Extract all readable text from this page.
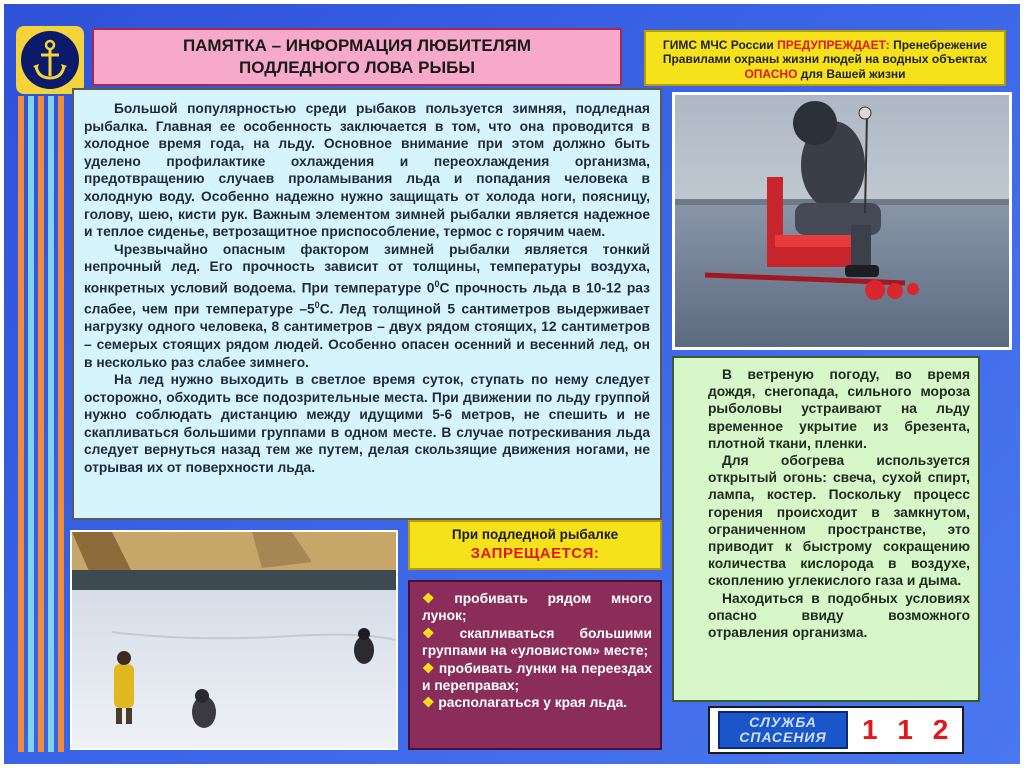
ПАМЯТКА – ИНФОРМАЦИЯ ЛЮБИТЕЛЯМ
ПОДЛЕДНОГО ЛОВА РЫБЫ
ГИМС МЧС России ПРЕДУПРЕЖДАЕТ: Пренебрежение Правилами охраны жизни людей на водных объектах ОПАСНО для Вашей жизни

Большой популярностью среди рыбаков пользуется зимняя, подледная рыбалка. Главная ее особенность заключается в том, что она проводится в холодное время года, на льду. Основное внимание при этом должно быть уделено профилактике охлаждения и переохлаждения организма, предотвращению случаев проламывания льда и попадания человека в холодную воду. Особенно надежно нужно защищать от холода ноги, поясницу, голову, шею, кисти рук. Важным элементом зимней рыбалки является надежное и теплое сиденье, ветрозащитное приспособление, термос с горячим чаем.

Чрезвычайно опасным фактором зимней рыбалки является тонкий непрочный лед. Его прочность зависит от толщины, температуры воздуха, конкретных условий водоема. При температуре $0^0С$ прочность льда в 10-12 раз слабее, чем при температуре $-5^0С$. Лед толщиной 5 сантиметров выдерживает нагрузку одного человека, 8 сантиметров – двух рядом стоящих, 12 сантиметров – семерых стоящих рядом людей. Особенно опасен осенний и весенний лед, он в несколько раз слабее зимнего.

На лед нужно выходить в светлое время суток, ступать по нему следует осторожно, обходить все подозрительные места. При движении по льду группой нужно соблюдать дистанцию между идущими 5-6 метров, не спешить и не скапливаться большими группами в одном месте. В случае потрескивания льда следует вернуться назад тем же путем, делая скользящие движения ногами, не отрывая их от поверхности льда.

В ветреную погоду, во время дождя, снегопада, сильного мороза рыболовы устраивают на льду временное укрытие из брезента, плотной ткани, пленки.

Для обогрева используется открытый огонь: свеча, сухой спирт, лампа, костер. Поскольку процесс горения происходит в замкнутом, ограниченном пространстве, это приводит к быстрому сокращению количества кислорода в воздухе, скоплению углекислого газа и дыма.

Находиться в подобных условиях опасно ввиду возможного отравления организма.

При подледной рыбалке
ЗАПРЕЩАЕТСЯ:
❖ пробивать рядом много лунок;
❖ скапливаться большими группами на «уловистом» месте;
❖ пробивать лунки на переездах и переправах;
❖ располагаться у края льда.
СЛУЖБА
СПАСЕНИЯ 1 1 2
